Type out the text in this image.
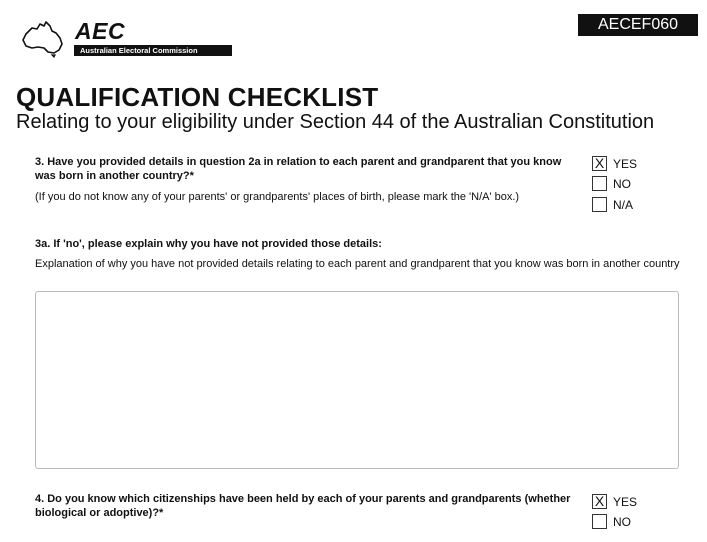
AEC
Australian Electoral Commission
AECEF060
QUALIFICATION CHECKLIST
Relating to your eligibility under Section 44 of the Australian Constitution
3. Have you provided details in question 2a in relation to each parent and grandparent that you know was born in another country?*
(If you do not know any of your parents' or grandparents' places of birth, please mark the 'N/A' box.)
X YES
NO
N/A
3a. If 'no', please explain why you have not provided those details:
Explanation of why you have not provided details relating to each parent and grandparent that you know was born in another country
4. Do you know which citizenships have been held by each of your parents and grandparents (whether biological or adoptive)?*
X YES
NO
